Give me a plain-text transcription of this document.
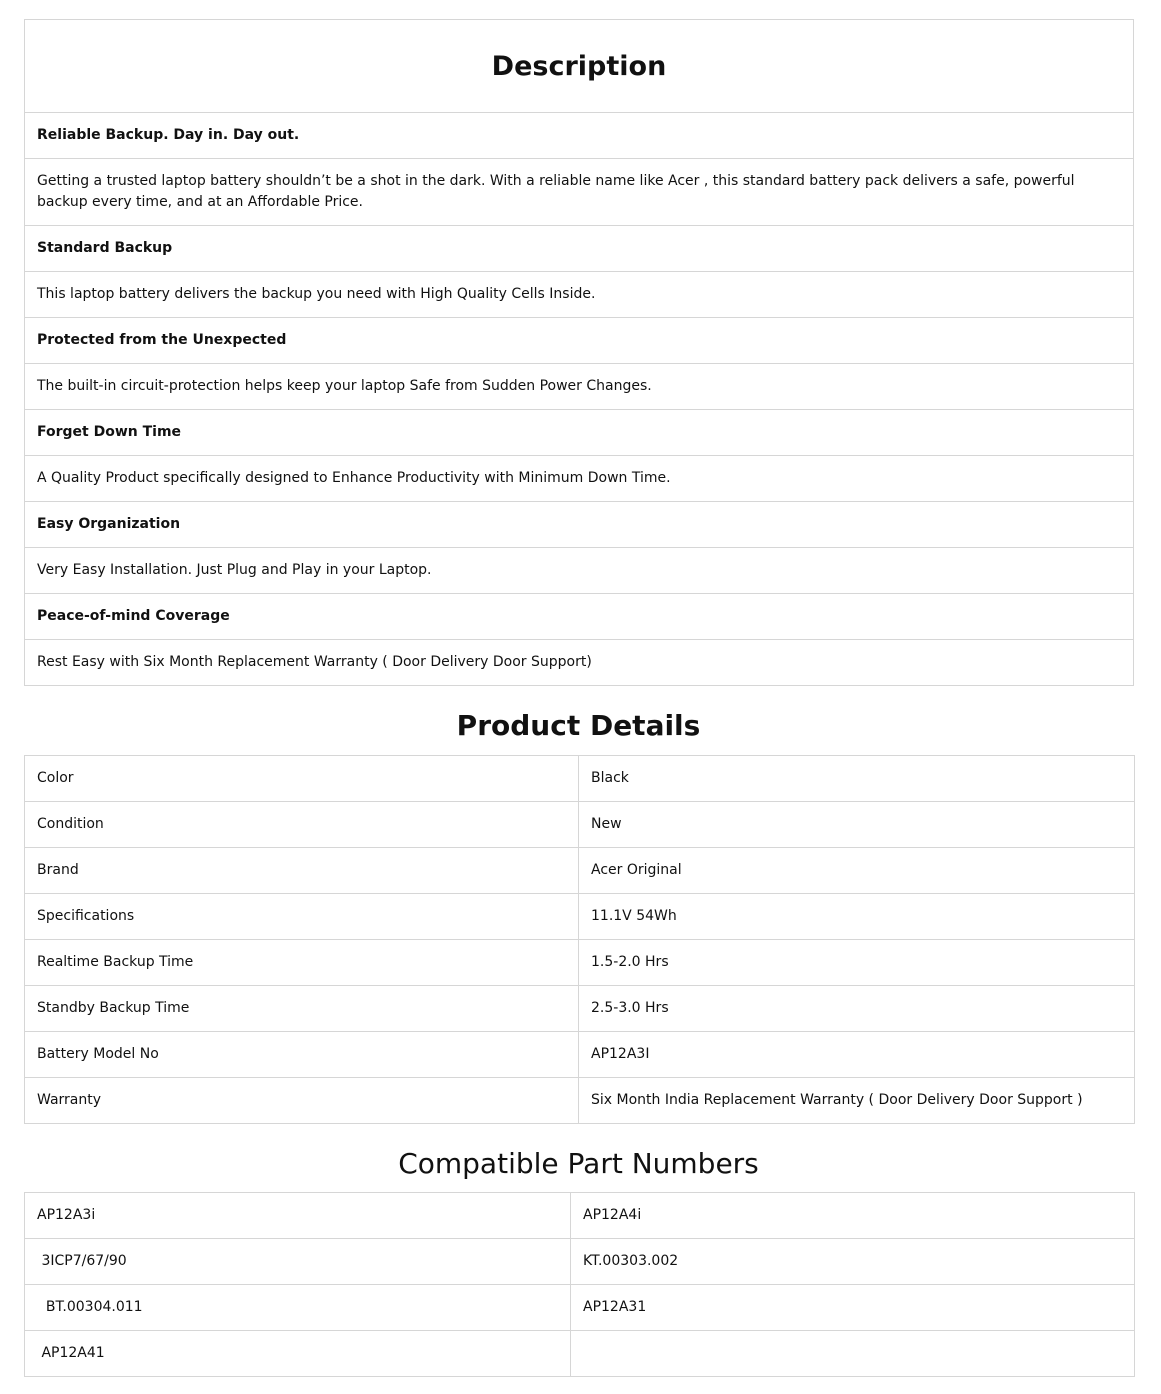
Description
Reliable Backup. Day in. Day out.
Getting a trusted laptop battery shouldn’t be a shot in the dark. With a reliable name like Acer , this standard battery pack delivers a safe, powerful backup every time, and at an Affordable Price.
Standard Backup
This laptop battery delivers the backup you need with High Quality Cells Inside.
Protected from the Unexpected
The built-in circuit-protection helps keep your laptop Safe from Sudden Power Changes.
Forget Down Time
A Quality Product specifically designed to Enhance Productivity with Minimum Down Time.
Easy Organization
Very Easy Installation. Just Plug and Play in your Laptop.
Peace-of-mind Coverage
Rest Easy with Six Month Replacement Warranty ( Door Delivery Door Support)
Product Details
Color	Black
Condition	New
Brand	Acer Original
Specifications	11.1V 54Wh
Realtime Backup Time	1.5-2.0 Hrs
Standby Backup Time	2.5-3.0 Hrs
Battery Model No	AP12A3I
Warranty	Six Month India Replacement Warranty ( Door Delivery Door Support )
Compatible Part Numbers
AP12A3i	AP12A4i
3ICP7/67/90	KT.00303.002
BT.00304.011	AP12A31
AP12A41	
